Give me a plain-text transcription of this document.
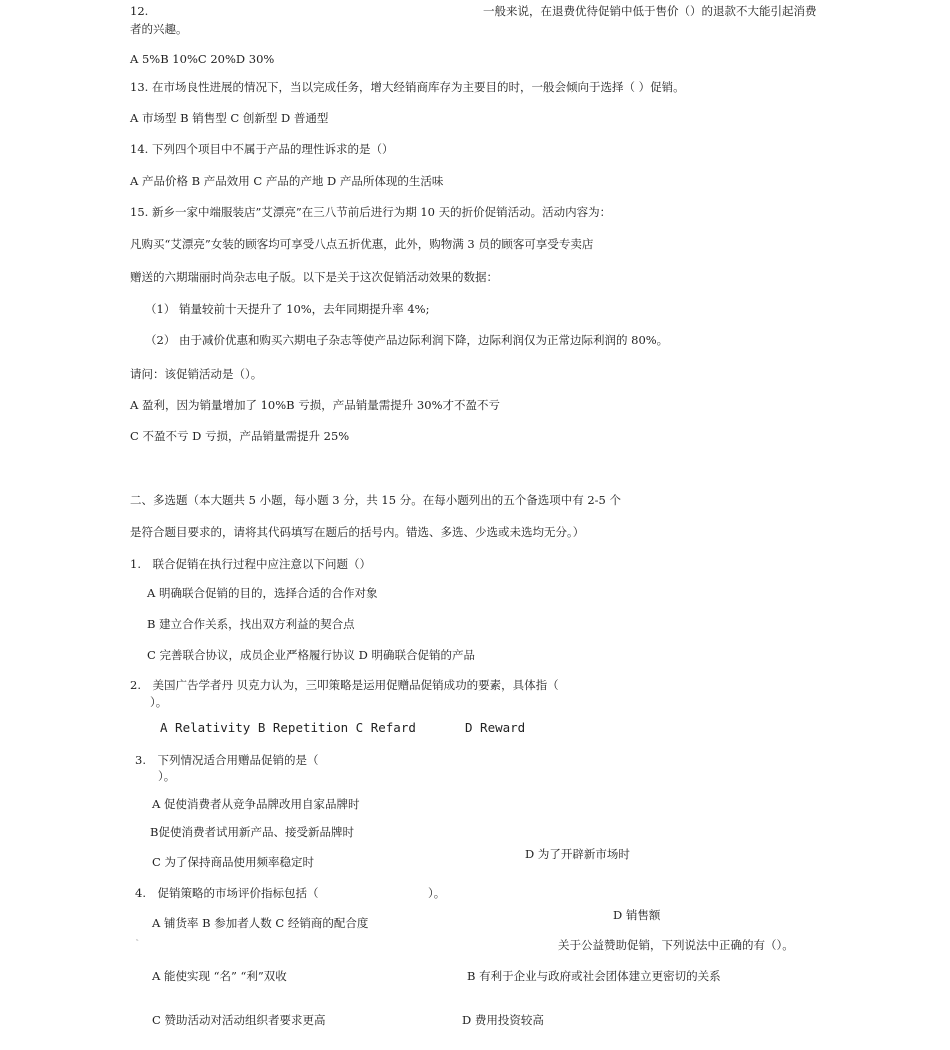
12.	一般来说，在退费优待促销中低于售价（）的退款不大能引起消费
者的兴趣。
A 5%B 10%C 20%D 30%
13. 在市场良性进展的情况下，当以完成任务，增大经销商库存为主要目的时，一般会倾向于选择（ ）促销。
A 市场型 B 销售型 C 创新型 D 普通型
14. 下列四个项目中不属于产品的理性诉求的是（）
A 产品价格 B 产品效用 C 产品的产地 D 产品所体现的生活味
15. 新乡一家中端服装店”艾漂亮”在三八节前后进行为期 10 天的折价促销活动。活动内容为：
凡购买“艾漂亮”女装的顾客均可享受八点五折优惠，此外，购物满 3 员的顾客可享受专卖店
赠送的六期瑞丽时尚杂志电子版。以下是关于这次促销活动效果的数据：
（1） 销量较前十天提升了 10%，去年同期提升率 4%;
（2） 由于减价优惠和购买六期电子杂志等使产品边际利润下降，边际利润仅为正常边际利润的 80%。
请问：该促销活动是（）。
A 盈利，因为销量增加了 10%B 亏损，产品销量需提升 30%才不盈不亏
C 不盈不亏 D 亏损，产品销量需提升 25%
二、多选题（本大题共 5 小题，每小题 3 分，共 15 分。在每小题列出的五个备选项中有 2-5 个
是符合题目要求的，请将其代码填写在题后的括号内。错选、多选、少选或未选均无分。）
1.　联合促销在执行过程中应注意以下问题（）
A 明确联合促销的目的，选择合适的合作对象
B 建立合作关系，找出双方利益的契合点
C 完善联合协议，成员企业严格履行协议 D 明确联合促销的产品
2.　美国广告学者丹 贝克力认为，三叩策略是运用促赠品促销成功的要素，具体指（
）。
A Relativity B Repetition C Refard	D Reward
3.　下列情况适合用赠品促销的是（
）。
A 促使消费者从竞争品牌改用自家品牌时
B促使消费者试用新产品、接受新品牌时
C 为了保持商品使用频率稳定时
D 为了开辟新市场时
4.　促销策略的市场评价指标包括（	）。
D 销售额
A 铺货率 B 参加者人数 C 经销商的配合度
5.	关于公益赞助促销，下列说法中正确的有（）。
A 能使实现 “名” “利”双收	B 有利于企业与政府或社会团体建立更密切的关系
C 赞助活动对活动组织者要求更高	D 费用投资较高
